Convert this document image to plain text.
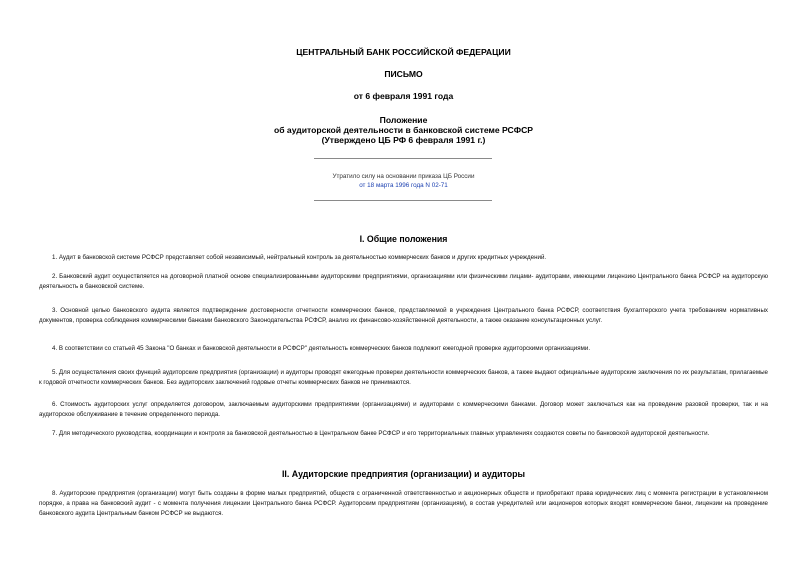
ЦЕНТРАЛЬНЫЙ БАНК РОССИЙСКОЙ ФЕДЕРАЦИИ
ПИСЬМО
от 6 февраля 1991 года
Положение
об аудиторской деятельности в банковской системе РСФСР
(Утверждено ЦБ РФ 6 февраля 1991 г.)
Утратило силу на основании приказа ЦБ России
от 18 марта 1996 года N 02-71
I. Общие положения

1. Аудит в банковской системе РСФСР представляет собой независимый, нейтральный контроль за деятельностью коммерческих банков и других кредитных учреждений.

2. Банковский аудит осуществляется на договорной платной основе специализированными аудиторскими предприятиями, организациями или физическими лицами- аудиторами, имеющими лицензию Центрального банка РСФСР на аудиторскую деятельность в банковской системе.

3. Основной целью банковского аудита является подтверждение достоверности отчетности коммерческих банков, представляемой в учреждения Центрального банка РСФСР, соответствия бухгалтерского учета требованиям нормативных документов, проверка соблюдения коммерческими банками банковского Законодательства РСФСР, анализ их финансово-хозяйственной деятельности, а также оказание консультационных услуг.

4. В соответствии со статьей 45 Закона "О банках и банковской деятельности в РСФСР" деятельность коммерческих банков подлежит ежегодной проверке аудиторскими организациями.

5. Для осуществления своих функций аудиторские предприятия (организации) и аудиторы проводят ежегодные проверки деятельности коммерческих банков, а также выдают официальные аудиторские заключения по их результатам, прилагаемые к годовой отчетности коммерческих банков. Без аудиторских заключений годовые отчеты коммерческих банков не принимаются.

6. Стоимость аудиторских услуг определяется договором, заключаемым аудиторскими предприятиями (организациями) и аудиторами с коммерческими банками. Договор может заключаться как на проведение разовой проверки, так и на аудиторское обслуживание в течение определенного периода.

7. Для методического руководства, координации и контроля за банковской деятельностью в Центральном банке РСФСР и его территориальных главных управлениях создаются советы по банковской аудиторской деятельности.

II. Аудиторские предприятия (организации) и аудиторы

8. Аудиторские предприятия (организации) могут быть созданы в форме малых предприятий, обществ с ограниченной ответственностью и акционерных обществ и приобретают права юридических лиц с момента регистрации в установленном порядке, а права на банковский аудит - с момента получения лицензии Центрального банка РСФСР. Аудиторским предприятиям (организациям), в состав учредителей или акционеров которых входят коммерческие банки, лицензии на проведение банковского аудита Центральным банком РСФСР не выдаются.
